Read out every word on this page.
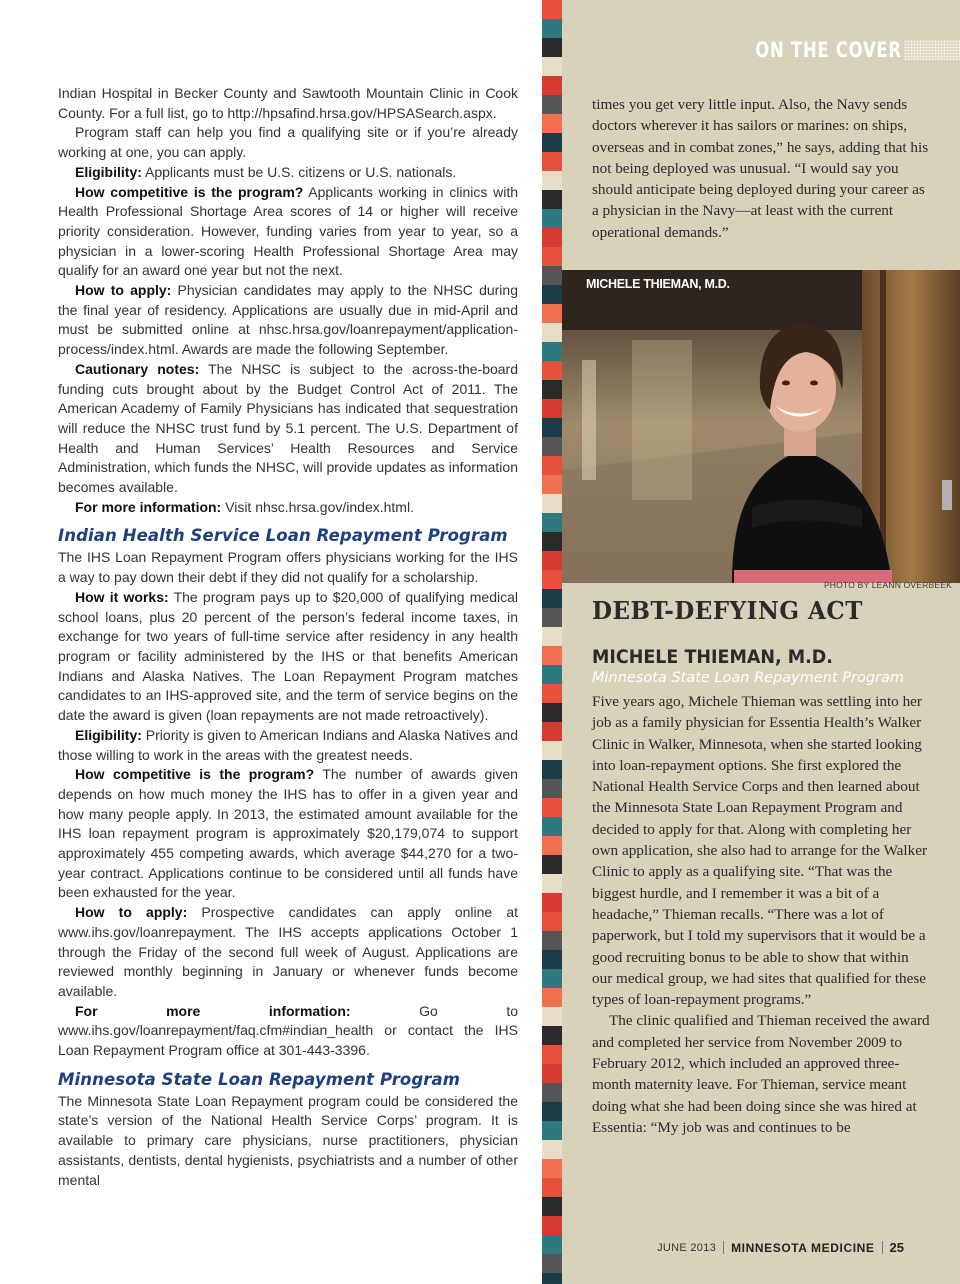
Indian Hospital in Becker County and Sawtooth Mountain Clinic in Cook County. For a full list, go to http://hpsafind.hrsa.gov/HPSASearch.aspx.

Program staff can help you find a qualifying site or if you’re already working at one, you can apply.

Eligibility: Applicants must be U.S. citizens or U.S. nationals.

How competitive is the program? Applicants working in clinics with Health Professional Shortage Area scores of 14 or higher will receive priority consideration. However, funding varies from year to year, so a physician in a lower-scoring Health Professional Shortage Area may qualify for an award one year but not the next.

How to apply: Physician candidates may apply to the NHSC during the final year of residency. Applications are usually due in mid-April and must be submitted online at nhsc.hrsa.gov/loanrepayment/application-process/index.html. Awards are made the following September.

Cautionary notes: The NHSC is subject to the across-the-board funding cuts brought about by the Budget Control Act of 2011. The American Academy of Family Physicians has indicated that sequestration will reduce the NHSC trust fund by 5.1 percent. The U.S. Department of Health and Human Services’ Health Resources and Service Administration, which funds the NHSC, will provide updates as information becomes available.

For more information: Visit nhsc.hrsa.gov/index.html.

Indian Health Service Loan Repayment Program

The IHS Loan Repayment Program offers physicians working for the IHS a way to pay down their debt if they did not qualify for a scholarship.

How it works: The program pays up to $20,000 of qualifying medical school loans, plus 20 percent of the person’s federal income taxes, in exchange for two years of full-time service after residency in any health program or facility administered by the IHS or that benefits American Indians and Alaska Natives. The Loan Repayment Program matches candidates to an IHS-approved site, and the term of service begins on the date the award is given (loan repayments are not made retroactively).

Eligibility: Priority is given to American Indians and Alaska Natives and those willing to work in the areas with the greatest needs.

How competitive is the program? The number of awards given depends on how much money the IHS has to offer in a given year and how many people apply. In 2013, the estimated amount available for the IHS loan repayment program is approximately $20,179,074 to support approximately 455 competing awards, which average $44,270 for a two-year contract. Applications continue to be considered until all funds have been exhausted for the year.

How to apply: Prospective candidates can apply online at www.ihs.gov/loanrepayment. The IHS accepts applications October 1 through the Friday of the second full week of August. Applications are reviewed monthly beginning in January or whenever funds become available.

For more information: Go to www.ihs.gov/loanrepayment/faq.cfm#indian_health or contact the IHS Loan Repayment Program office at 301-443-3396.

Minnesota State Loan Repayment Program

The Minnesota State Loan Repayment program could be considered the state’s version of the National Health Service Corps’ program. It is available to primary care physicians, nurse practitioners, physician assistants, dentists, dental hygienists, psychiatrists and a number of other mental

ON THE COVER

times you get very little input. Also, the Navy sends doctors wherever it has sailors or marines: on ships, overseas and in combat zones,” he says, adding that his not being deployed was unusual. “I would say you should anticipate being deployed during your career as a physician in the Navy—at least with the current operational demands.”

MICHELE THIEMAN, M.D.
PHOTO BY LEANN OVERBEEK
DEBT-DEFYING ACT
MICHELE THIEMAN, M.D.
Minnesota State Loan Repayment Program

Five years ago, Michele Thieman was settling into her job as a family physician for Essentia Health’s Walker Clinic in Walker, Minnesota, when she started looking into loan-repayment options. She first explored the National Health Service Corps and then learned about the Minnesota State Loan Repayment Program and decided to apply for that. Along with completing her own application, she also had to arrange for the Walker Clinic to apply as a qualifying site. “That was the biggest hurdle, and I remember it was a bit of a headache,” Thieman recalls. “There was a lot of paperwork, but I told my supervisors that it would be a good recruiting bonus to be able to show that within our medical group, we had sites that qualified for these types of loan-repayment programs.”

The clinic qualified and Thieman received the award and completed her service from November 2009 to February 2012, which included an approved three-month maternity leave. For Thieman, service meant doing what she had been doing since she was hired at Essentia: “My job was and continues to be

JUNE 2013 MINNESOTA MEDICINE 25
